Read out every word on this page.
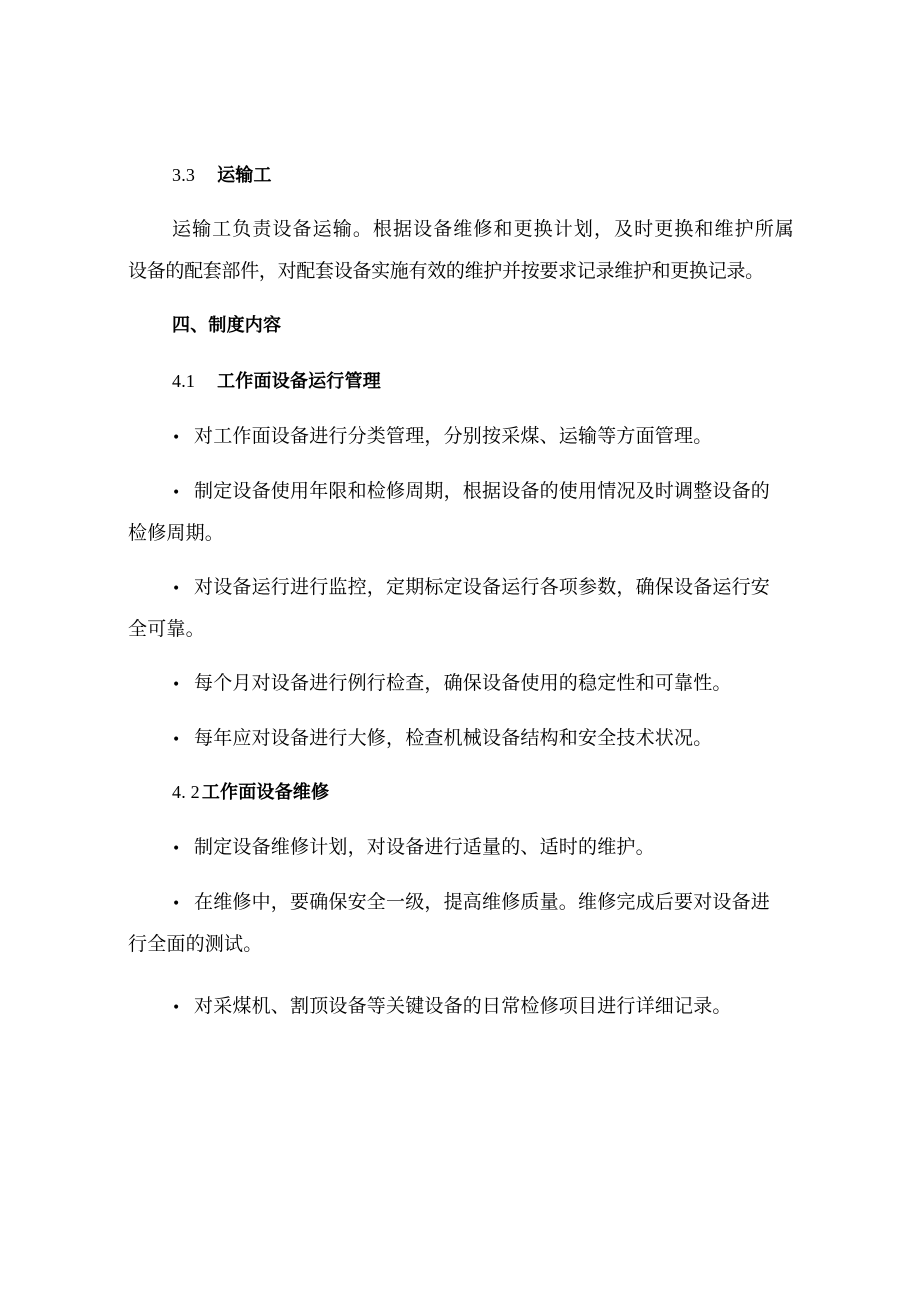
3.3 运输工
运输工负责设备运输。根据设备维修和更换计划，及时更换和维护所属
设备的配套部件，对配套设备实施有效的维护并按要求记录维护和更换记录。
四、制度内容
4.1 工作面设备运行管理
• 对工作面设备进行分类管理，分别按采煤、运输等方面管理。
• 制定设备使用年限和检修周期，根据设备的使用情况及时调整设备的
检修周期。
• 对设备运行进行监控，定期标定设备运行各项参数，确保设备运行安
全可靠。
• 每个月对设备进行例行检查，确保设备使用的稳定性和可靠性。
• 每年应对设备进行大修，检查机械设备结构和安全技术状况。
4. 2 工作面设备维修
• 制定设备维修计划，对设备进行适量的、适时的维护。
• 在维修中，要确保安全一级，提高维修质量。维修完成后要对设备进
行全面的测试。
• 对采煤机、割顶设备等关键设备的日常检修项目进行详细记录。
